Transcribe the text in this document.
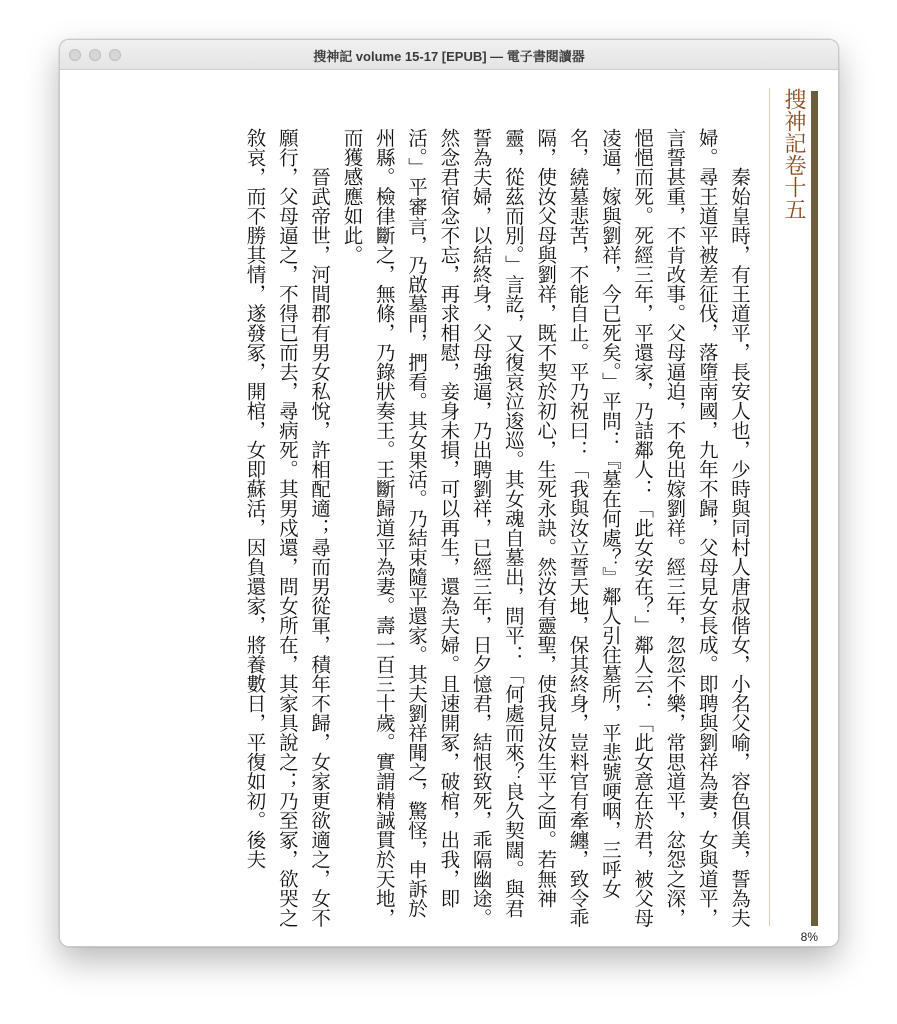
搜神記 volume 15-17 [EPUB] — 電子書閱讀器
搜神記卷十五

秦始皇時，有王道平，長安人也，少時與同村人唐叔偕女，小名父喻，容色俱美，誓為夫婦。尋王道平被差征伐，落墮南國，九年不歸，父母見女長成。即聘與劉祥為妻，女與道平，言誓甚重，不肯改事。父母逼迫，不免出嫁劉祥。經三年，忽忽不樂，常思道平，忿怨之深，悒悒而死。死經三年，平還家，乃詰鄰人：「此女安在？」鄰人云：「此女意在於君，被父母凌逼，嫁與劉祥，今已死矣。」平問：『墓在何處？』鄰人引往墓所，平悲號哽咽，三呼女名，繞墓悲苦，不能自止。平乃祝曰：「我與汝立誓天地，保其終身，豈料官有牽纏，致令乖隔，使汝父母與劉祥，既不契於初心，生死永訣。然汝有靈聖，使我見汝生平之面。若無神靈，從茲而別。」言訖，又復哀泣逡巡。其女魂自墓出，問平：「何處而來？良久契闊。與君誓為夫婦，以結終身，父母強逼，乃出聘劉祥，已經三年，日夕憶君，結恨致死，乖隔幽途。然念君宿念不忘，再求相慰，妾身未損，可以再生，還為夫婦。且速開冢，破棺，出我，即活。」平審言，乃啟墓門，捫看。其女果活。乃結束隨平還家。其夫劉祥聞之，驚怪，申訴於州縣。檢律斷之，無條，乃錄狀奏王。王斷歸道平為妻。壽一百三十歲。實謂精誠貫於天地，而獲感應如此。

晉武帝世，河間郡有男女私悅，許相配適；尋而男從軍，積年不歸，女家更欲適之，女不願行，父母逼之，不得已而去，尋病死。其男戍還，問女所在，其家具說之；乃至冢，欲哭之敘哀，而不勝其情，遂發冢，開棺，女即蘇活，因負還家，將養數日，平復如初。後夫

8%
